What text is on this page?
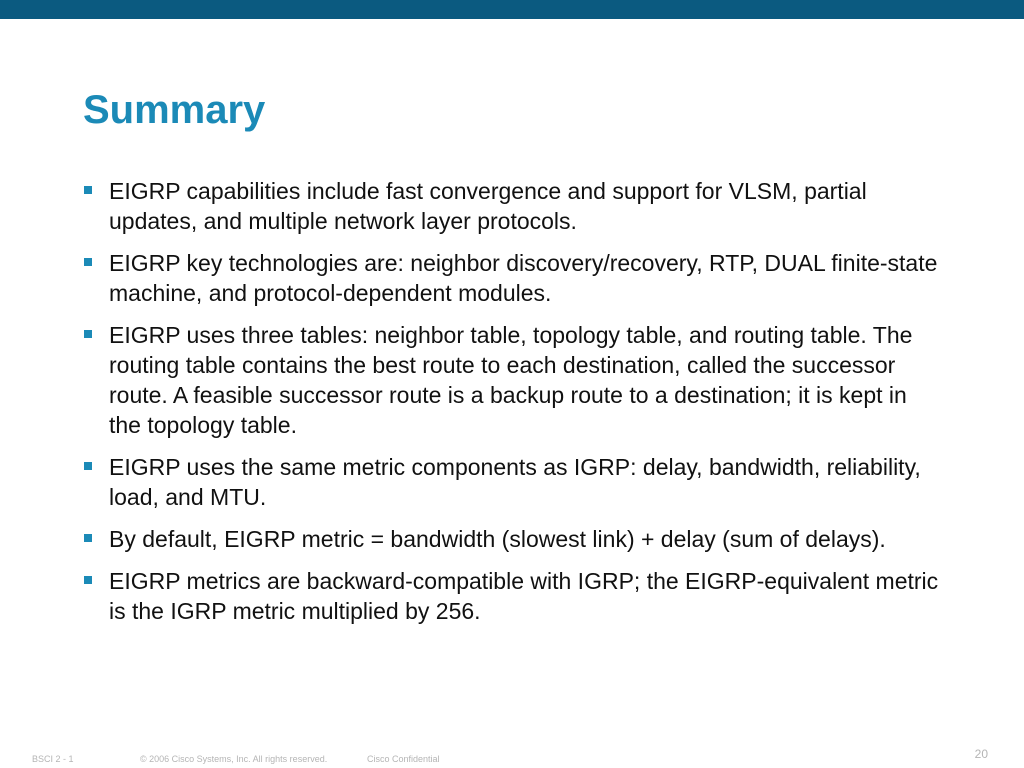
Summary
EIGRP capabilities include fast convergence and support for VLSM, partial updates, and multiple network layer protocols.
EIGRP key technologies are: neighbor discovery/recovery, RTP, DUAL finite-state machine, and protocol-dependent modules.
EIGRP uses three tables: neighbor table, topology table, and routing table. The routing table contains the best route to each destination, called the successor route. A feasible successor route is a backup route to a destination; it is kept in the topology table.
EIGRP uses the same metric components as IGRP: delay, bandwidth, reliability, load, and MTU.
By default, EIGRP metric = bandwidth (slowest link) + delay (sum of delays).
EIGRP metrics are backward-compatible with IGRP; the EIGRP-equivalent metric is the IGRP metric multiplied by 256.
BSCI 2 - 1	© 2006 Cisco Systems, Inc. All rights reserved.	Cisco Confidential	20
